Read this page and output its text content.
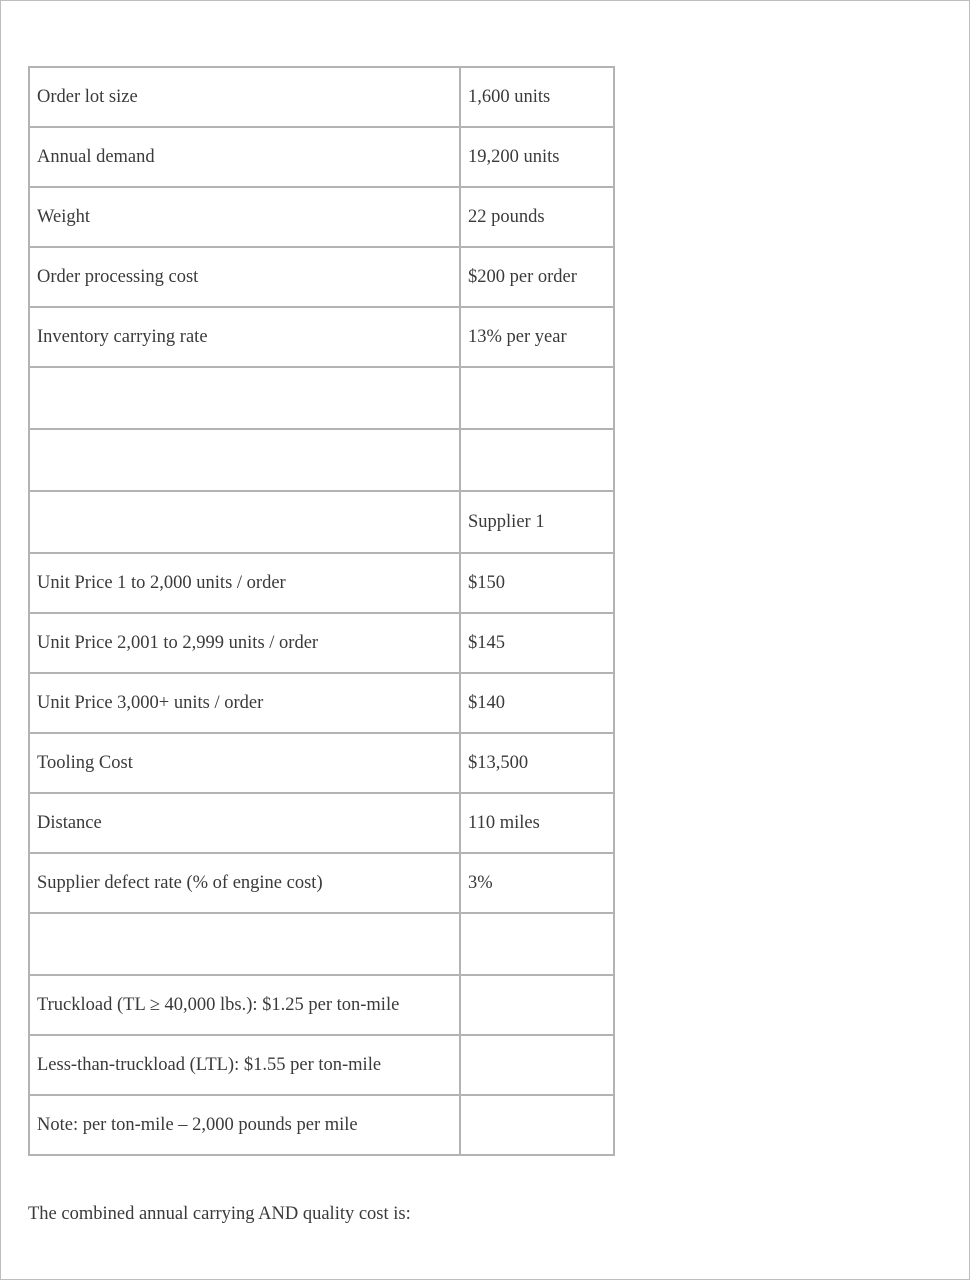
Order lot size	1,600 units
Annual demand	19,200 units
Weight	22 pounds
Order processing cost	$200 per order
Inventory carrying rate	13% per year

	Supplier 1
Unit Price 1 to 2,000 units / order	$150
Unit Price 2,001 to 2,999 units / order	$145
Unit Price 3,000+ units / order	$140
Tooling Cost	$13,500
Distance	110 miles
Supplier defect rate (% of engine cost)	3%

Truckload (TL ≥ 40,000 lbs.): $1.25 per ton-mile	
Less-than-truckload (LTL): $1.55 per ton-mile	
Note: per ton-mile – 2,000 pounds per mile	

The combined annual carrying AND quality cost is:
